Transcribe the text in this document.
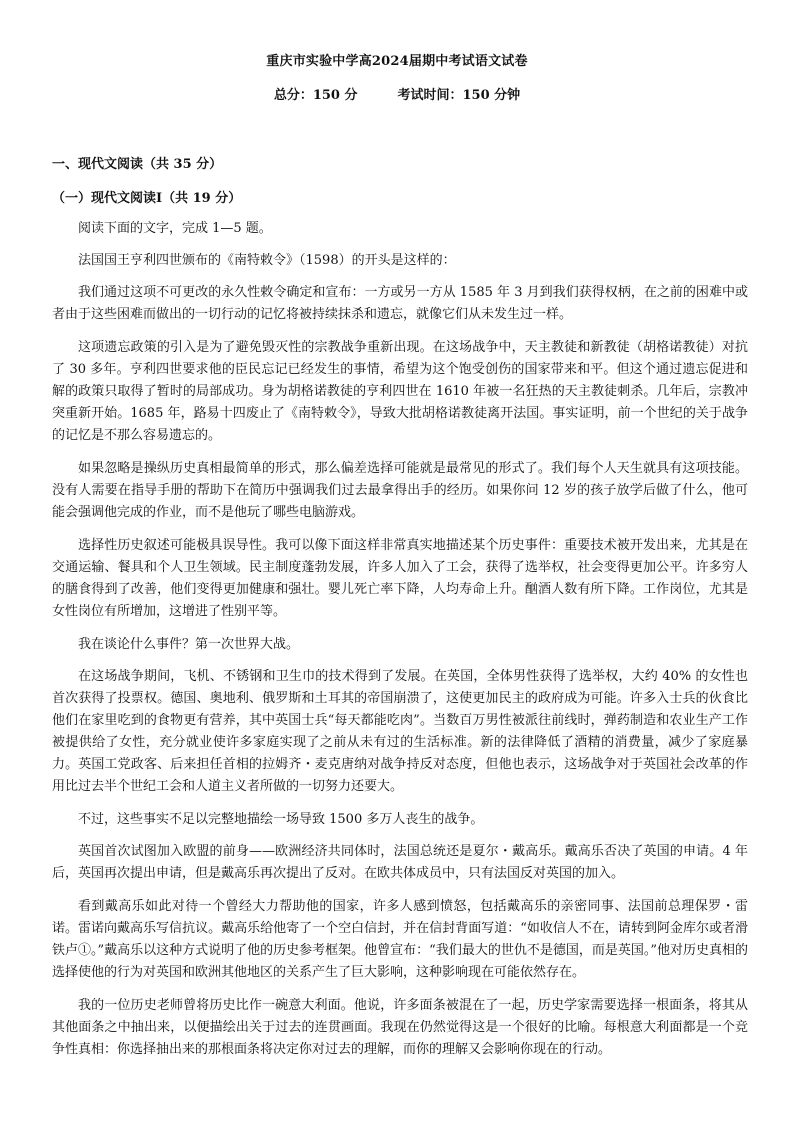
重庆市实验中学高2024届期中考试语文试卷
总分：150 分	考试时间：150 分钟
一、现代文阅读（共 35 分）
（一）现代文阅读Ⅰ（共 19 分）

阅读下面的文字，完成 1—5 题。

法国国王亨利四世颁布的《南特敕令》（1598）的开头是这样的：

我们通过这项不可更改的永久性敕令确定和宣布：一方或另一方从 1585 年 3 月到我们获得权柄，在之前的困难中或者由于这些困难而做出的一切行动的记忆将被持续抹杀和遗忘，就像它们从未发生过一样。

这项遗忘政策的引入是为了避免毁灭性的宗教战争重新出现。在这场战争中，天主教徒和新教徒（胡格诺教徒）对抗了 30 多年。亨利四世要求他的臣民忘记已经发生的事情，希望为这个饱受创伤的国家带来和平。但这个通过遗忘促进和解的政策只取得了暂时的局部成功。身为胡格诺教徒的亨利四世在 1610 年被一名狂热的天主教徒刺杀。几年后，宗教冲突重新开始。1685 年，路易十四废止了《南特敕令》，导致大批胡格诺教徒离开法国。事实证明，前一个世纪的关于战争的记忆是不那么容易遗忘的。

如果忽略是操纵历史真相最简单的形式，那么偏差选择可能就是最常见的形式了。我们每个人天生就具有这项技能。没有人需要在指导手册的帮助下在简历中强调我们过去最拿得出手的经历。如果你问 12 岁的孩子放学后做了什么，他可能会强调他完成的作业，而不是他玩了哪些电脑游戏。

选择性历史叙述可能极具误导性。我可以像下面这样非常真实地描述某个历史事件：重要技术被开发出来，尤其是在交通运输、餐具和个人卫生领域。民主制度蓬勃发展，许多人加入了工会，获得了选举权，社会变得更加公平。许多穷人的膳食得到了改善，他们变得更加健康和强壮。婴儿死亡率下降，人均寿命上升。酗酒人数有所下降。工作岗位，尤其是女性岗位有所增加，这增进了性别平等。

我在谈论什么事件？第一次世界大战。

在这场战争期间，飞机、不锈钢和卫生巾的技术得到了发展。在英国，全体男性获得了选举权，大约 40% 的女性也首次获得了投票权。德国、奥地利、俄罗斯和土耳其的帝国崩溃了，这使更加民主的政府成为可能。许多入士兵的伙食比他们在家里吃到的食物更有营养，其中英国士兵“每天都能吃肉”。当数百万男性被派往前线时，弹药制造和农业生产工作被提供给了女性，充分就业使许多家庭实现了之前从未有过的生活标准。新的法律降低了酒精的消费量，减少了家庭暴力。英国工党政客、后来担任首相的拉姆齐・麦克唐纳对战争持反对态度，但他也表示，这场战争对于英国社会改革的作用比过去半个世纪工会和人道主义者所做的一切努力还要大。

不过，这些事实不足以完整地描绘一场导致 1500 多万人丧生的战争。

英国首次试图加入欧盟的前身——欧洲经济共同体时，法国总统还是夏尔・戴高乐。戴高乐否决了英国的申请。4 年后，英国再次提出申请，但是戴高乐再次提出了反对。在欧共体成员中，只有法国反对英国的加入。

看到戴高乐如此对待一个曾经大力帮助他的国家，许多人感到愤怒，包括戴高乐的亲密同事、法国前总理保罗・雷诺。雷诺向戴高乐写信抗议。戴高乐给他寄了一个空白信封，并在信封背面写道：“如收信人不在，请转到阿金库尔或者滑铁卢①。”戴高乐以这种方式说明了他的历史参考框架。他曾宣布：“我们最大的世仇不是德国，而是英国。”他对历史真相的选择使他的行为对英国和欧洲其他地区的关系产生了巨大影响，这种影响现在可能依然存在。

我的一位历史老师曾将历史比作一碗意大利面。他说，许多面条被混在了一起，历史学家需要选择一根面条，将其从其他面条之中抽出来，以便描绘出关于过去的连贯画面。我现在仍然觉得这是一个很好的比喻。每根意大利面都是一个竞争性真相：你选择抽出来的那根面条将决定你对过去的理解，而你的理解又会影响你现在的行动。
